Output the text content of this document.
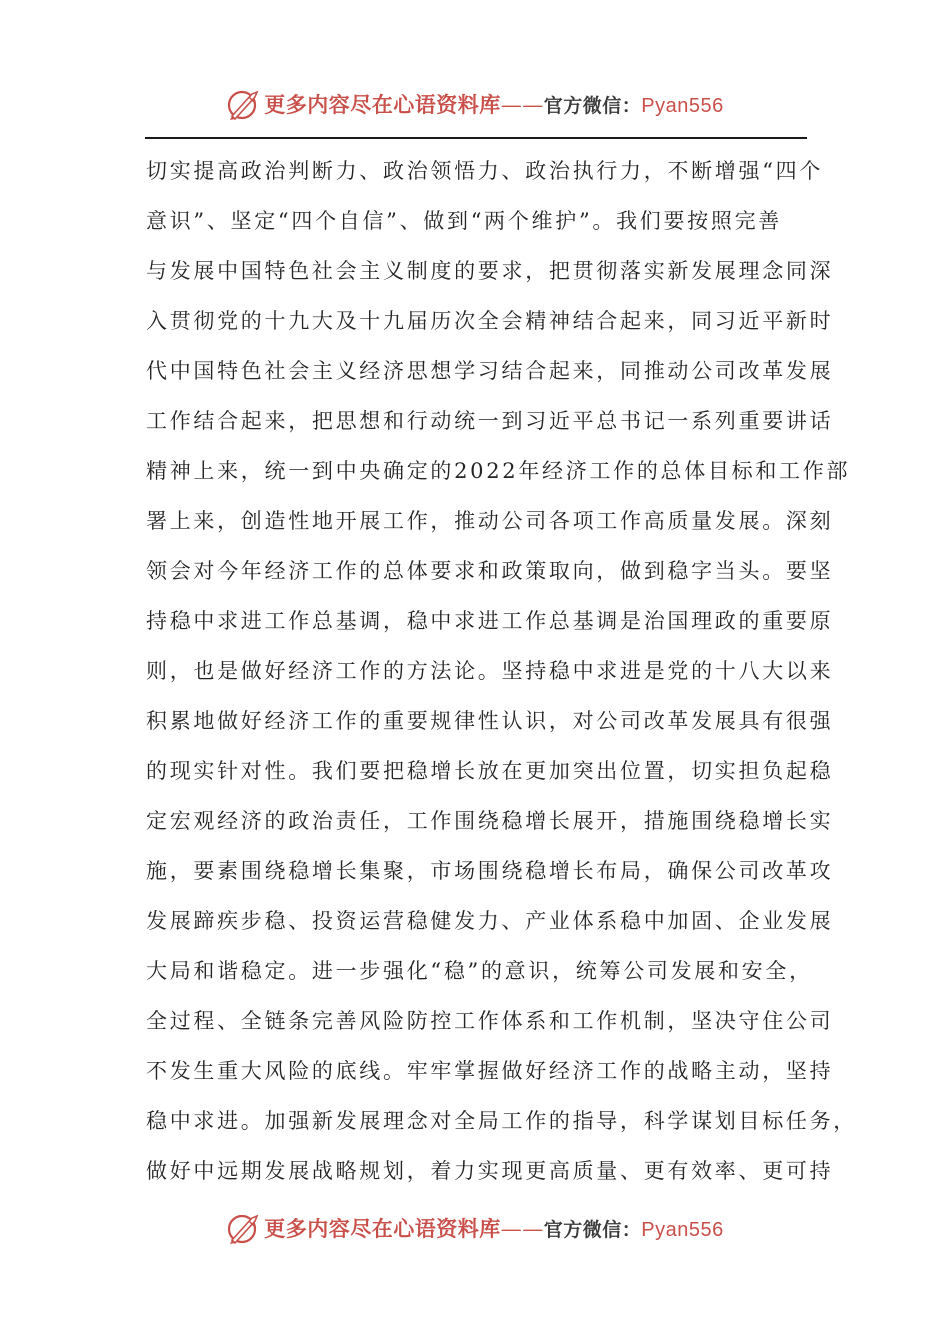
更多内容尽在心语资料库——官方微信：Pyan556
切实提高政治判断力、政治领悟力、政治执行力，不断增强“四个
意识”、坚定“四个自信”、做到“两个维护”。我们要按照完善
与发展中国特色社会主义制度的要求，把贯彻落实新发展理念同深
入贯彻党的十九大及十九届历次全会精神结合起来，同习近平新时
代中国特色社会主义经济思想学习结合起来，同推动公司改革发展
工作结合起来，把思想和行动统一到习近平总书记一系列重要讲话
精神上来，统一到中央确定的2022年经济工作的总体目标和工作部
署上来，创造性地开展工作，推动公司各项工作高质量发展。深刻
领会对今年经济工作的总体要求和政策取向，做到稳字当头。要坚
持稳中求进工作总基调，稳中求进工作总基调是治国理政的重要原
则，也是做好经济工作的方法论。坚持稳中求进是党的十八大以来
积累地做好经济工作的重要规律性认识，对公司改革发展具有很强
的现实针对性。我们要把稳增长放在更加突出位置，切实担负起稳
定宏观经济的政治责任，工作围绕稳增长展开，措施围绕稳增长实
施，要素围绕稳增长集聚，市场围绕稳增长布局，确保公司改革攻
发展蹄疾步稳、投资运营稳健发力、产业体系稳中加固、企业发展
大局和谐稳定。进一步强化“稳”的意识，统筹公司发展和安全，
全过程、全链条完善风险防控工作体系和工作机制，坚决守住公司
不发生重大风险的底线。牢牢掌握做好经济工作的战略主动，坚持
稳中求进。加强新发展理念对全局工作的指导，科学谋划目标任务，
做好中远期发展战略规划，着力实现更高质量、更有效率、更可持
更多内容尽在心语资料库——官方微信：Pyan556
